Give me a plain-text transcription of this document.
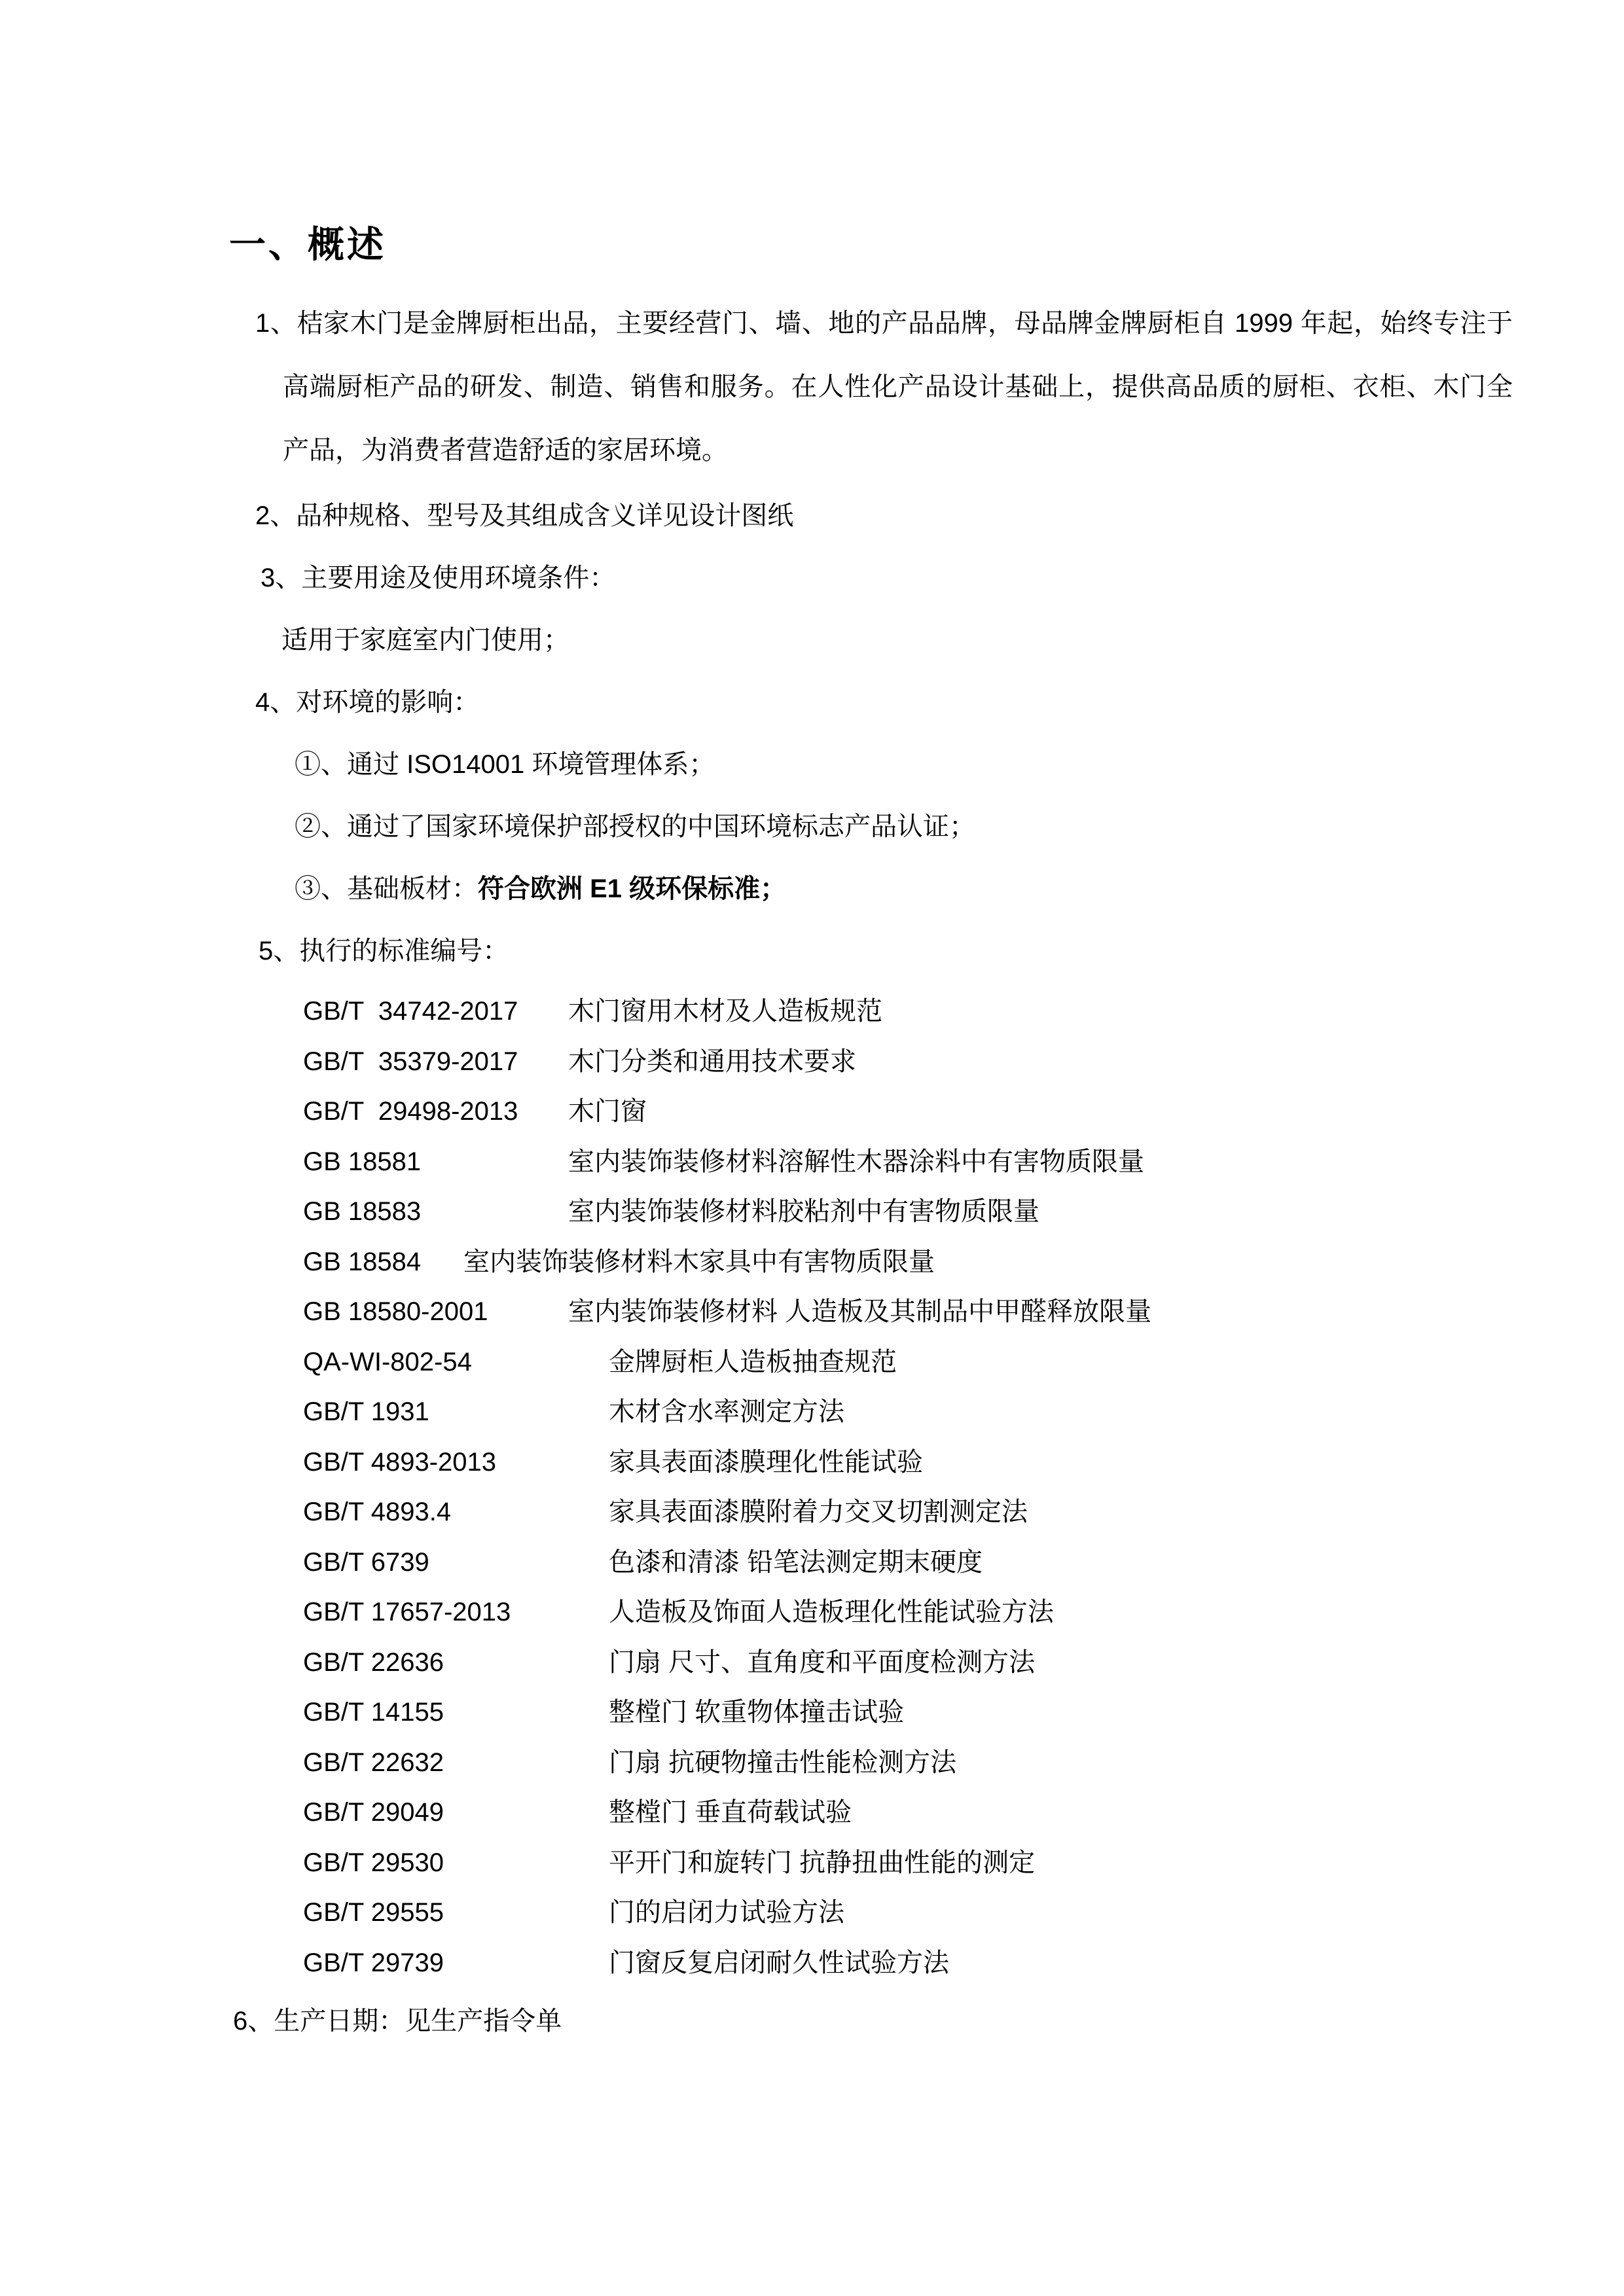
一、概述

1、桔家木门是金牌厨柜出品，主要经营门、墙、地的产品品牌，母品牌金牌厨柜自 1999 年起，始终专注于高端厨柜产品的研发、制造、销售和服务。在人性化产品设计基础上，提供高品质的厨柜、衣柜、木门全产品，为消费者营造舒适的家居环境。

2、品种规格、型号及其组成含义详见设计图纸

3、主要用途及使用环境条件：

适用于家庭室内门使用；

4、对环境的影响：

①、通过 ISO14001 环境管理体系；

②、通过了国家环境保护部授权的中国环境标志产品认证；

③、基础板材：符合欧洲 E1 级环保标准；

5、执行的标准编号：

GB/T  34742-2017	木门窗用木材及人造板规范
GB/T  35379-2017	木门分类和通用技术要求
GB/T  29498-2013	木门窗
GB 18581	室内装饰装修材料溶解性木器涂料中有害物质限量
GB 18583	室内装饰装修材料胶粘剂中有害物质限量
GB 18584	室内装饰装修材料木家具中有害物质限量
GB 18580-2001	室内装饰装修材料 人造板及其制品中甲醛释放限量
QA-WI-802-54	金牌厨柜人造板抽查规范
GB/T 1931	木材含水率测定方法
GB/T 4893-2013	家具表面漆膜理化性能试验
GB/T 4893.4	家具表面漆膜附着力交叉切割测定法
GB/T 6739	色漆和清漆 铅笔法测定期末硬度
GB/T 17657-2013	人造板及饰面人造板理化性能试验方法
GB/T 22636	门扇 尺寸、直角度和平面度检测方法
GB/T 14155	整樘门 软重物体撞击试验
GB/T 22632	门扇 抗硬物撞击性能检测方法
GB/T 29049	整樘门 垂直荷载试验
GB/T 29530	平开门和旋转门 抗静扭曲性能的测定
GB/T 29555	门的启闭力试验方法
GB/T 29739	门窗反复启闭耐久性试验方法

6、生产日期：见生产指令单
